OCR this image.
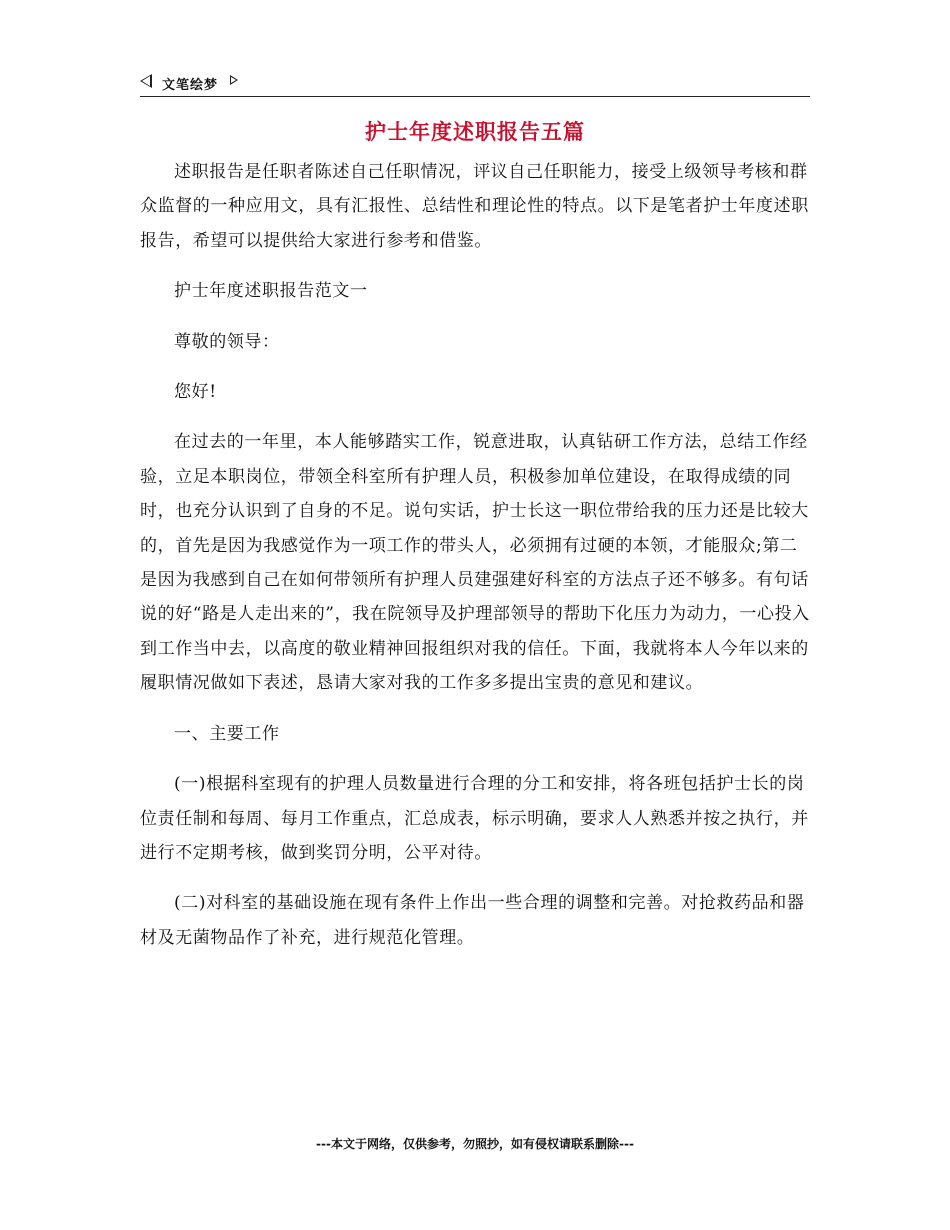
文笔绘梦
护士年度述职报告五篇

述职报告是任职者陈述自己任职情况，评议自己任职能力，接受上级领导考核和群众监督的一种应用文，具有汇报性、总结性和理论性的特点。以下是笔者护士年度述职报告，希望可以提供给大家进行参考和借鉴。

护士年度述职报告范文一

尊敬的领导：

您好!

在过去的一年里，本人能够踏实工作，锐意进取，认真钻研工作方法，总结工作经验，立足本职岗位，带领全科室所有护理人员，积极参加单位建设，在取得成绩的同时，也充分认识到了自身的不足。说句实话，护士长这一职位带给我的压力还是比较大的，首先是因为我感觉作为一项工作的带头人，必须拥有过硬的本领，才能服众;第二是因为我感到自己在如何带领所有护理人员建强建好科室的方法点子还不够多。有句话说的好“路是人走出来的”，我在院领导及护理部领导的帮助下化压力为动力，一心投入到工作当中去，以高度的敬业精神回报组织对我的信任。下面，我就将本人今年以来的履职情况做如下表述，恳请大家对我的工作多多提出宝贵的意见和建议。

一、主要工作

(一)根据科室现有的护理人员数量进行合理的分工和安排，将各班包括护士长的岗位责任制和每周、每月工作重点，汇总成表，标示明确，要求人人熟悉并按之执行，并进行不定期考核，做到奖罚分明，公平对待。

(二)对科室的基础设施在现有条件上作出一些合理的调整和完善。对抢救药品和器材及无菌物品作了补充，进行规范化管理。

---本文于网络，仅供参考，勿照抄，如有侵权请联系删除---
